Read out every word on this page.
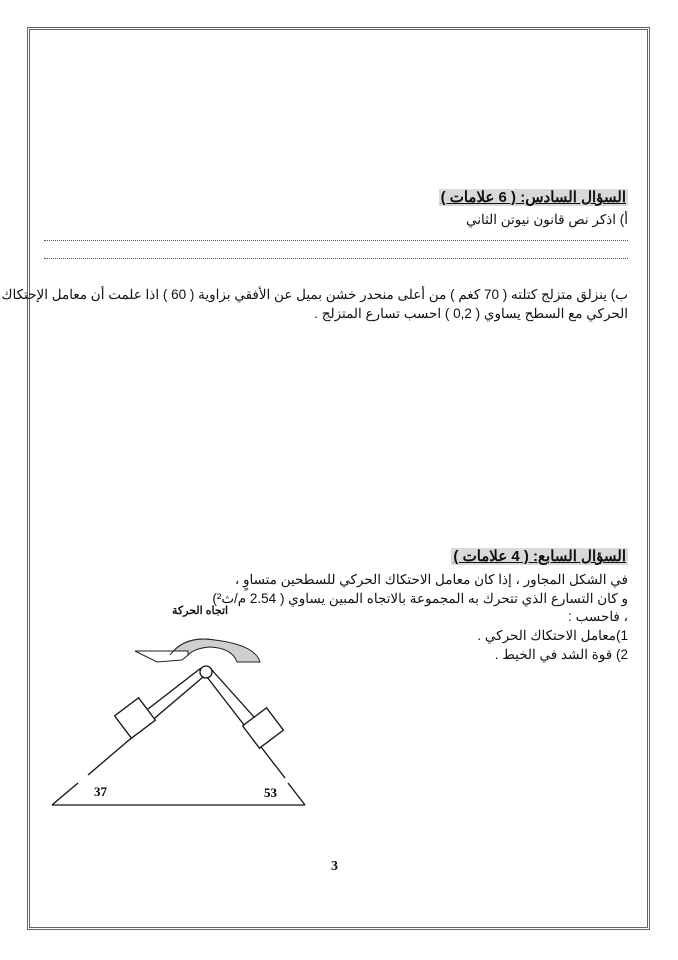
السؤال السادس: ( 6 علامات )
أ) اذكر نص قانون نيوتن الثاني
ب) ينزلق متزلج كتلته ( 70 كغم ) من أعلى منحدر خشن بميل عن الأفقي بزاوية ( 60 ) اذا علمت أن معامل الإحتكاك
الحركي مع السطح يساوي ( 0,2 ) احسب تسارع المتزلج .
السؤال السابع: ( 4 علامات )
في الشكل المجاور ، إذا كان معامل الاحتكاك الحركي للسطحين متساوٍ ،
و كان التسارع الذي تتحرك به المجموعة بالاتجاه المبين يساوي ( 2.54 م/ث²)
، فاحسب :
1)معامل الاحتكاك الحركي .
2) قوة الشد في الخيط .
اتجاه الحركة
37	53
3
